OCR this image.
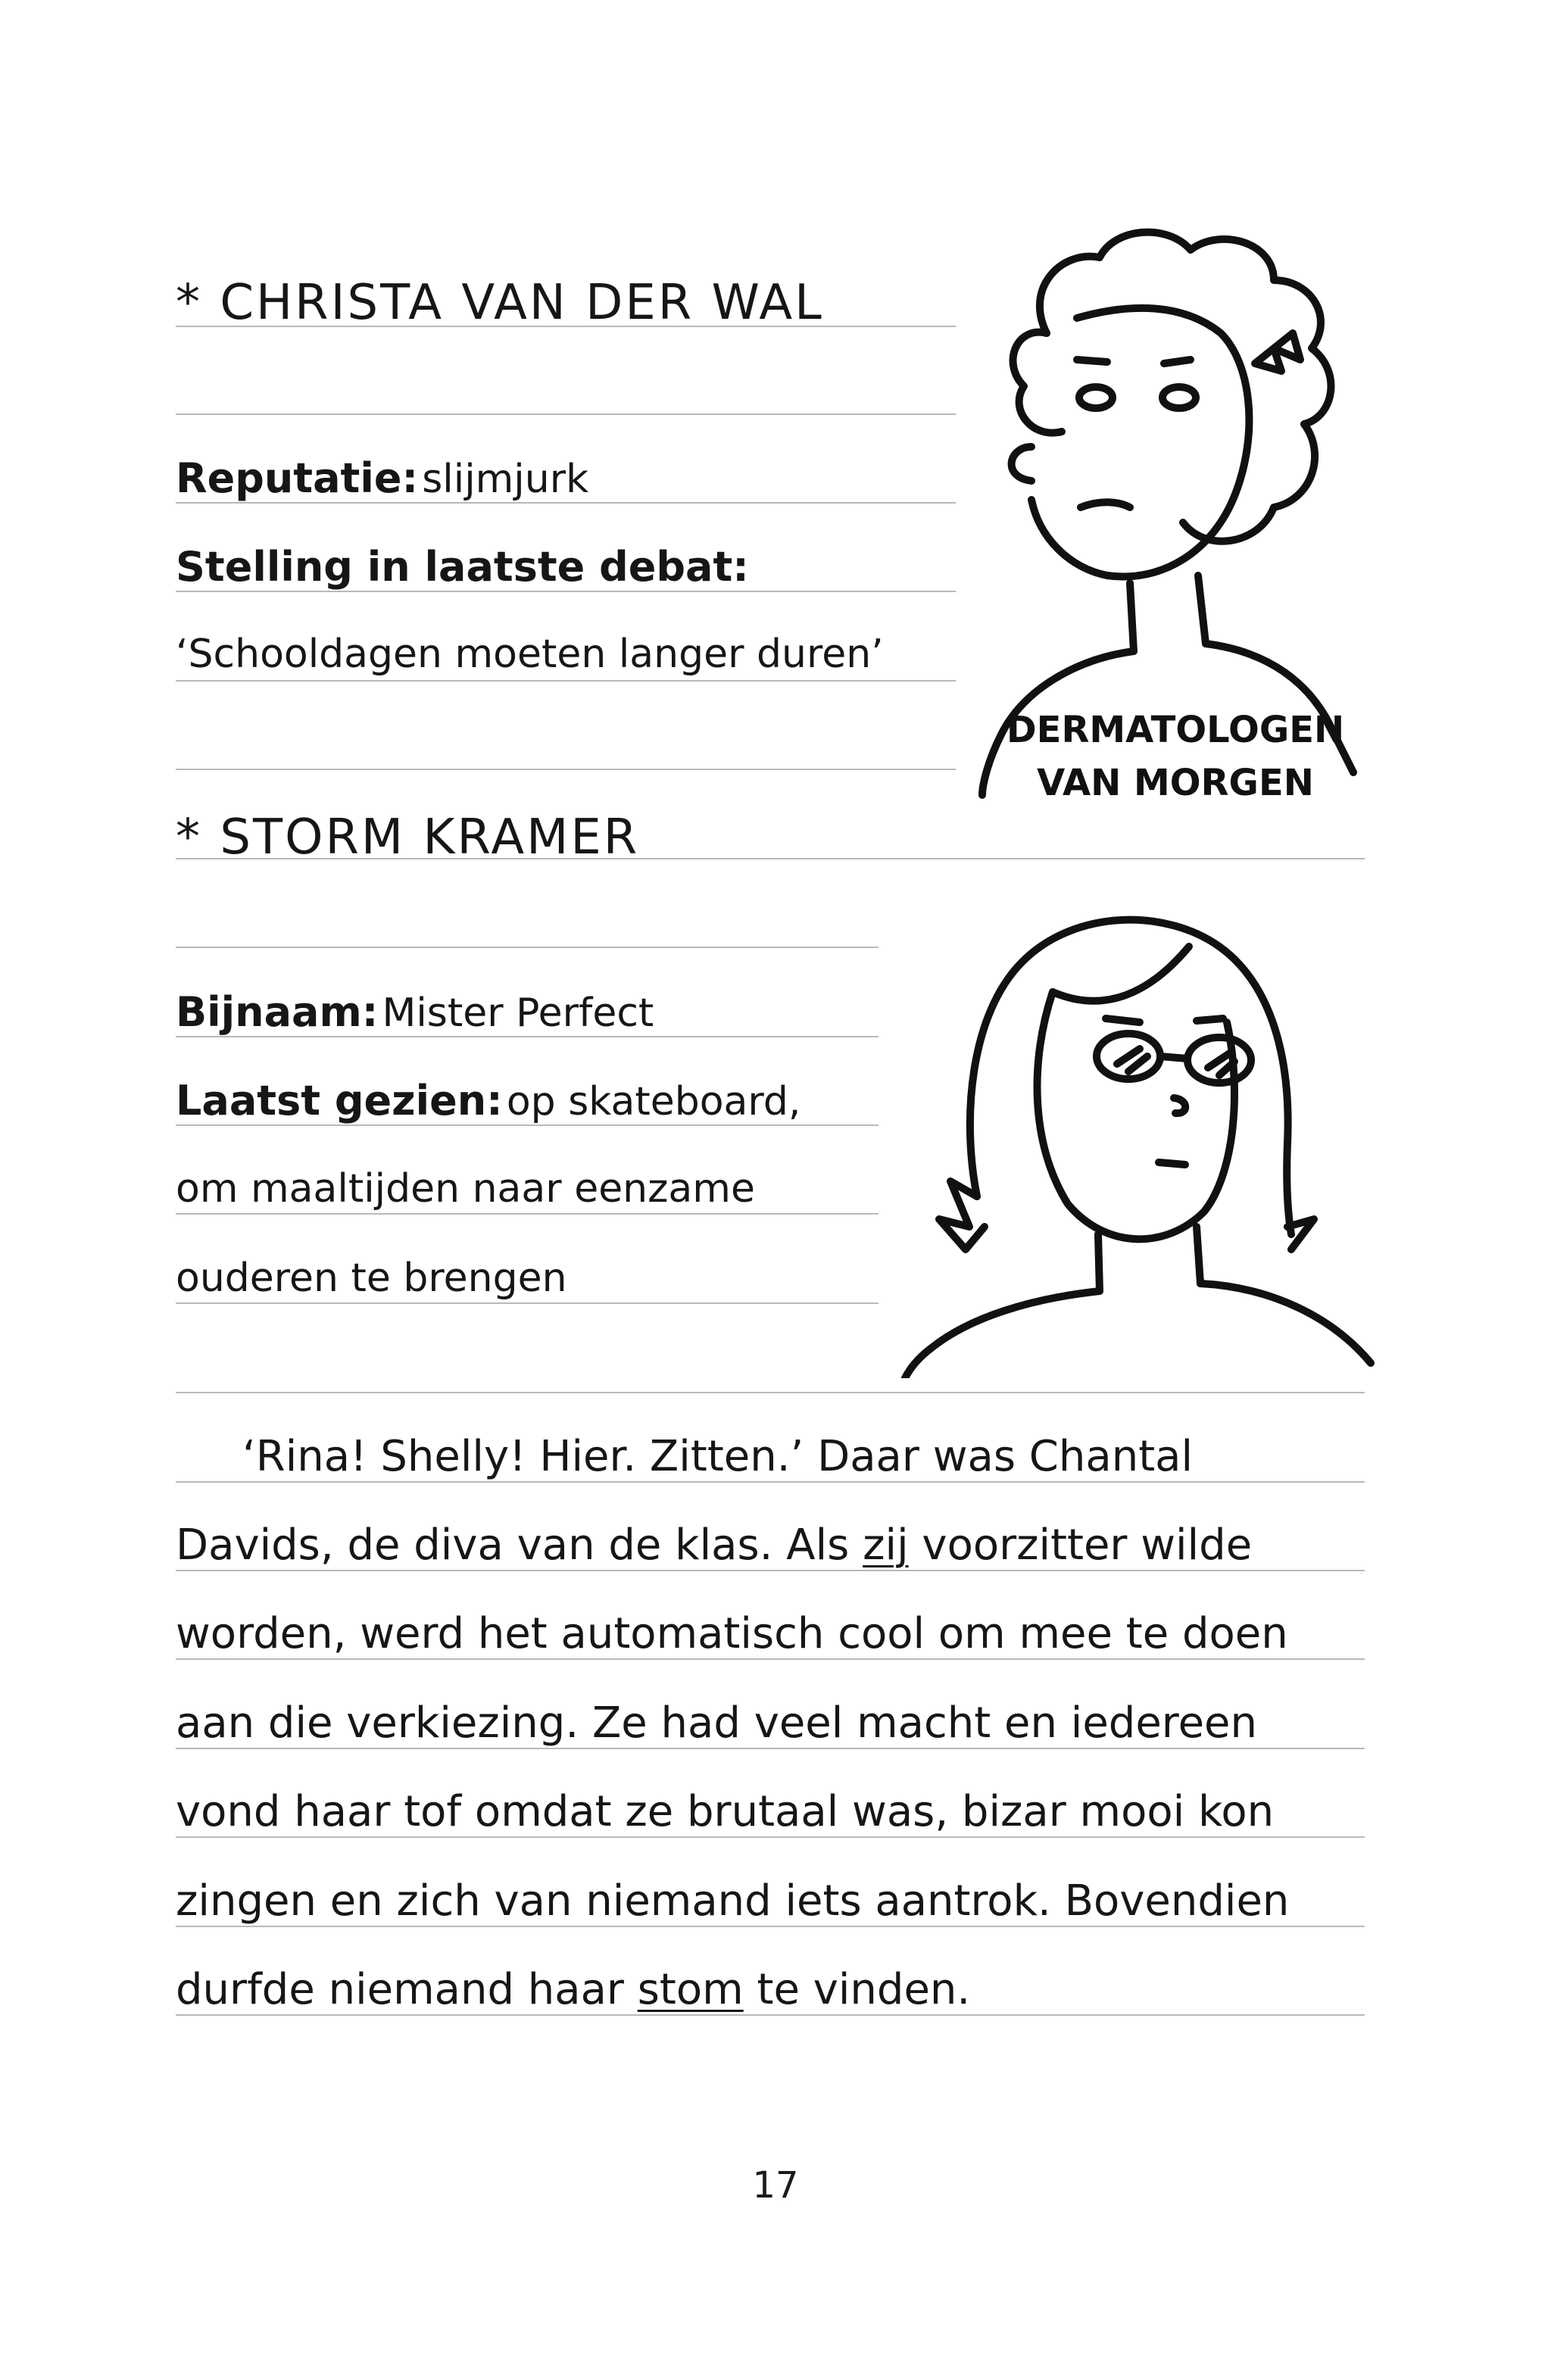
* CHRISTA VAN DER WAL
Reputatie: slijmjurk
Stelling in laatste debat:
‘Schooldagen moeten langer duren’
DERMATOLOGEN
VAN MORGEN
* STORM KRAMER
Bijnaam: Mister Perfect
Laatst gezien: op skateboard,
om maaltijden naar eenzame
ouderen te brengen
‘Rina! Shelly! Hier. Zitten.’ Daar was Chantal
Davids, de diva van de klas. Als zij voorzitter wilde
worden, werd het automatisch cool om mee te doen
aan die verkiezing. Ze had veel macht en iedereen
vond haar tof omdat ze brutaal was, bizar mooi kon
zingen en zich van niemand iets aantrok. Bovendien
durfde niemand haar stom te vinden.
17
